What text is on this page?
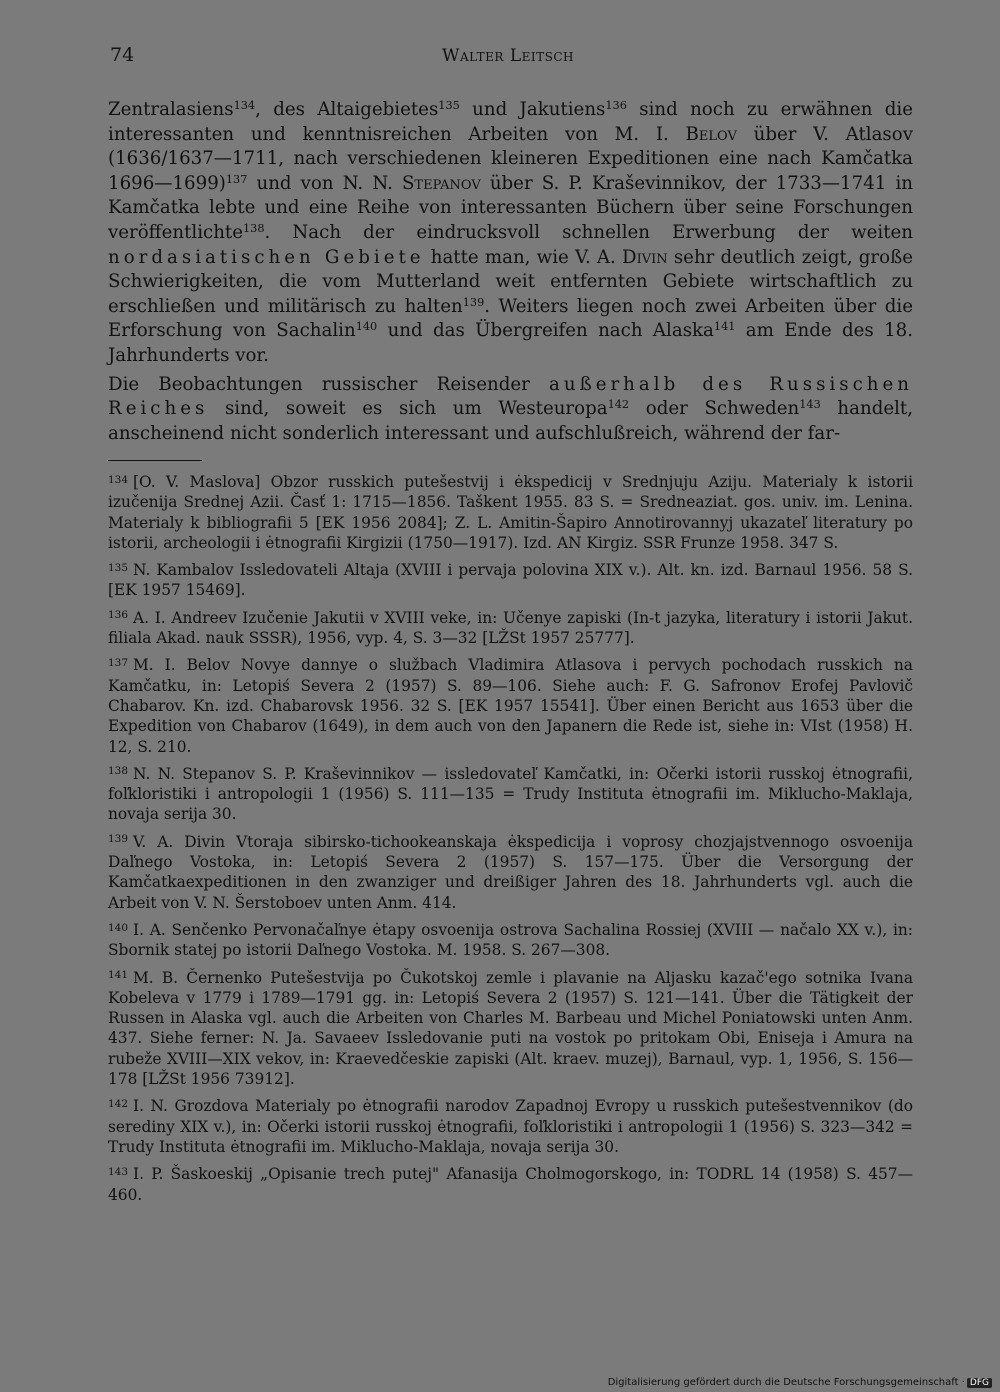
74	Walter Leitsch

Zentralasiens$^{134}$, des Altaigebietes$^{135}$ und Jakutiens$^{136}$ sind noch zu erwähnen die interessanten und kenntnisreichen Arbeiten von M. I. Belov über V. Atlasov (1636/1637—1711, nach verschiedenen kleineren Expeditionen eine nach Kamčatka 1696—1699)$^{137}$ und von N. N. Stepanov über S. P. Kraševinnikov, der 1733—1741 in Kamčatka lebte und eine Reihe von interessanten Büchern über seine Forschungen veröffentlichte$^{138}$. Nach der eindrucksvoll schnellen Erwerbung der weiten nordasiatischen Gebiete hatte man, wie V. A. Divin sehr deutlich zeigt, große Schwierigkeiten, die vom Mutterland weit entfernten Gebiete wirtschaftlich zu erschließen und militärisch zu halten$^{139}$. Weiters liegen noch zwei Arbeiten über die Erforschung von Sachalin$^{140}$ und das Übergreifen nach Alaska$^{141}$ am Ende des 18. Jahrhunderts vor.

Die Beobachtungen russischer Reisender außerhalb des Russischen Reiches sind, soweit es sich um Westeuropa$^{142}$ oder Schweden$^{143}$ handelt, anscheinend nicht sonderlich interessant und aufschlußreich, während der far-

$^{134}$ [O. V. Maslova] Obzor russkich putešestvij i ėkspedicij v Srednjuju Aziju. Materialy k istorii izučenija Srednej Azii. Časť 1: 1715—1856. Taškent 1955. 83 S. = Sredneaziat. gos. univ. im. Lenina. Materialy k bibliografii 5 [EK 1956 2084]; Z. L. Amitin-Šapiro Annotirovannyj ukazateľ literatury po istorii, archeologii i ėtnografii Kirgizii (1750—1917). Izd. AN Kirgiz. SSR Frunze 1958. 347 S.

$^{135}$ N. Kambalov Issledovateli Altaja (XVIII i pervaja polovina XIX v.). Alt. kn. izd. Barnaul 1956. 58 S. [EK 1957 15469].

$^{136}$ A. I. Andreev Izučenie Jakutii v XVIII veke, in: Učenye zapiski (In-t jazyka, literatury i istorii Jakut. filiala Akad. nauk SSSR), 1956, vyp. 4, S. 3—32 [LŽSt 1957 25777].

$^{137}$ M. I. Belov Novye dannye o službach Vladimira Atlasova i pervych pochodach russkich na Kamčatku, in: Letopiś Severa 2 (1957) S. 89—106. Siehe auch: F. G. Safronov Erofej Pavlovič Chabarov. Kn. izd. Chabarovsk 1956. 32 S. [EK 1957 15541]. Über einen Bericht aus 1653 über die Expedition von Chabarov (1649), in dem auch von den Japanern die Rede ist, siehe in: VIst (1958) H. 12, S. 210.

$^{138}$ N. N. Stepanov S. P. Kraševinnikov — issledovateľ Kamčatki, in: Očerki istorii russkoj ėtnografii, foľkloristiki i antropologii 1 (1956) S. 111—135 = Trudy Instituta ėtnografii im. Miklucho-Maklaja, novaja serija 30.

$^{139}$ V. A. Divin Vtoraja sibirsko-tichookeanskaja ėkspedicija i voprosy chozjajstvennogo osvoenija Daľnego Vostoka, in: Letopiś Severa 2 (1957) S. 157—175. Über die Versorgung der Kamčatkaexpeditionen in den zwanziger und dreißiger Jahren des 18. Jahrhunderts vgl. auch die Arbeit von V. N. Šerstoboev unten Anm. 414.

$^{140}$ I. A. Senčenko Pervonačaľnye ėtapy osvoenija ostrova Sachalina Rossiej (XVIII — načalo XX v.), in: Sbornik statej po istorii Daľnego Vostoka. M. 1958. S. 267—308.

$^{141}$ M. B. Černenko Putešestvija po Čukotskoj zemle i plavanie na Aljasku kazač'ego sotnika Ivana Kobeleva v 1779 i 1789—1791 gg. in: Letopiś Severa 2 (1957) S. 121—141. Über die Tätigkeit der Russen in Alaska vgl. auch die Arbeiten von Charles M. Barbeau und Michel Poniatowski unten Anm. 437. Siehe ferner: N. Ja. Savaeev Issledovanie puti na vostok po pritokam Obi, Eniseja i Amura na rubeže XVIII—XIX vekov, in: Kraevedčeskie zapiski (Alt. kraev. muzej), Barnaul, vyp. 1, 1956, S. 156—178 [LŽSt 1956 73912].

$^{142}$ I. N. Grozdova Materialy po ėtnografii narodov Zapadnoj Evropy u russkich putešestvennikov (do serediny XIX v.), in: Očerki istorii russkoj ėtnografii, foľkloristiki i antropologii 1 (1956) S. 323—342 = Trudy Instituta ėtnografii im. Miklucho-Maklaja, novaja serija 30.

$^{143}$ I. P. Šaskoeskij „Opisanie trech putej" Afanasija Cholmogorskogo, in: TODRL 14 (1958) S. 457—460.

Digitalisierung gefördert durch die Deutsche Forschungsgemeinschaft · DFG
